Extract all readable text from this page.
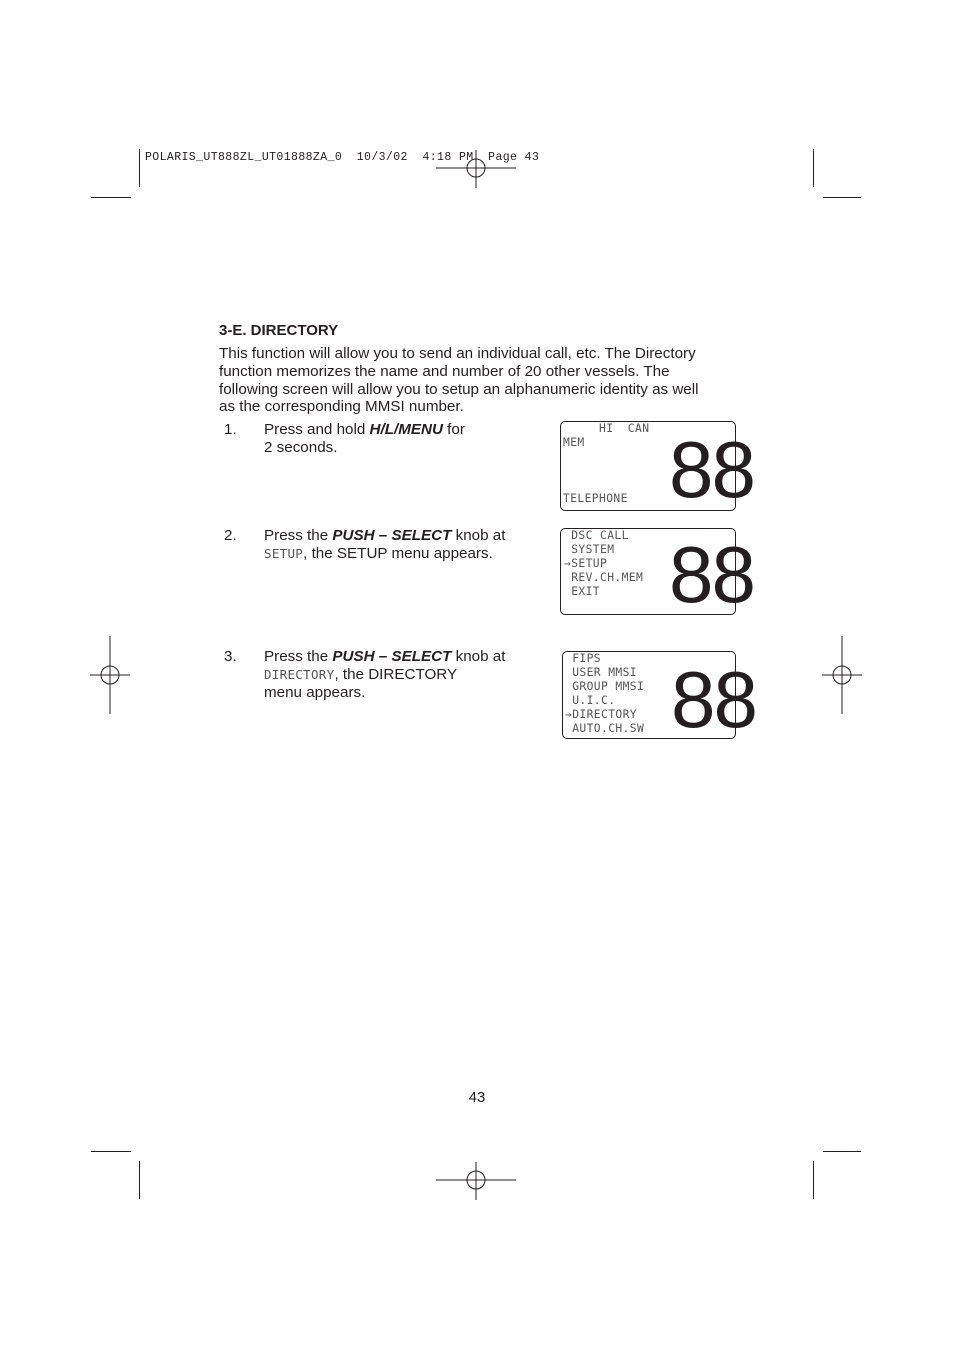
POLARIS_UT888ZL_UT01888ZA_0  10/3/02  4:18 PM  Page 43
3-E. DIRECTORY
This function will allow you to send an individual call, etc. The Directory
function memorizes the name and number of 20 other vessels. The
following screen will allow you to setup an alphanumeric identity as well
as the corresponding MMSI number.
1. Press and hold H/L/MENU for
2 seconds.
2. Press the PUSH – SELECT knob at
SETUP, the SETUP menu appears.
3. Press the PUSH – SELECT knob at
DIRECTORY, the DIRECTORY
menu appears.
HI  CAN
MEM
TELEPHONE 88
DSC CALL
SYSTEM
→SETUP
REV.CH.MEM
EXIT 88
FIPS
USER MMSI
GROUP MMSI
U.I.C.
→DIRECTORY
AUTO.CH.SW 88
43
